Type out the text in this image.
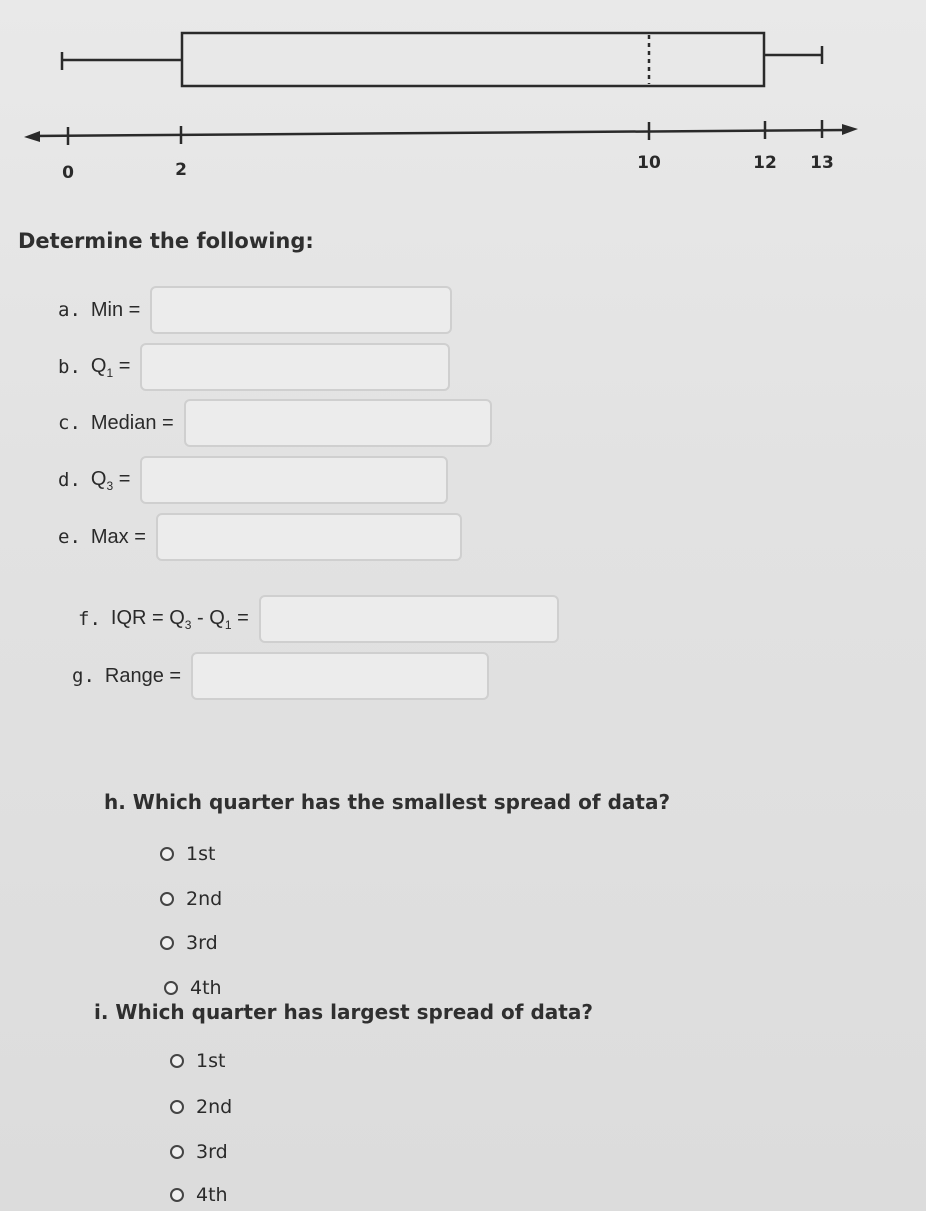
0	2	10	12 13
Determine the following:
a. Min =
b. $Q_1$ =
c. Median =
d. $Q_3$ =
e. Max =
f. IQR = $Q_3 - Q_1$ =
g. Range =
h. Which quarter has the smallest spread of data?
1st
2nd
3rd
4th
i. Which quarter has largest spread of data?
1st
2nd
3rd
4th
